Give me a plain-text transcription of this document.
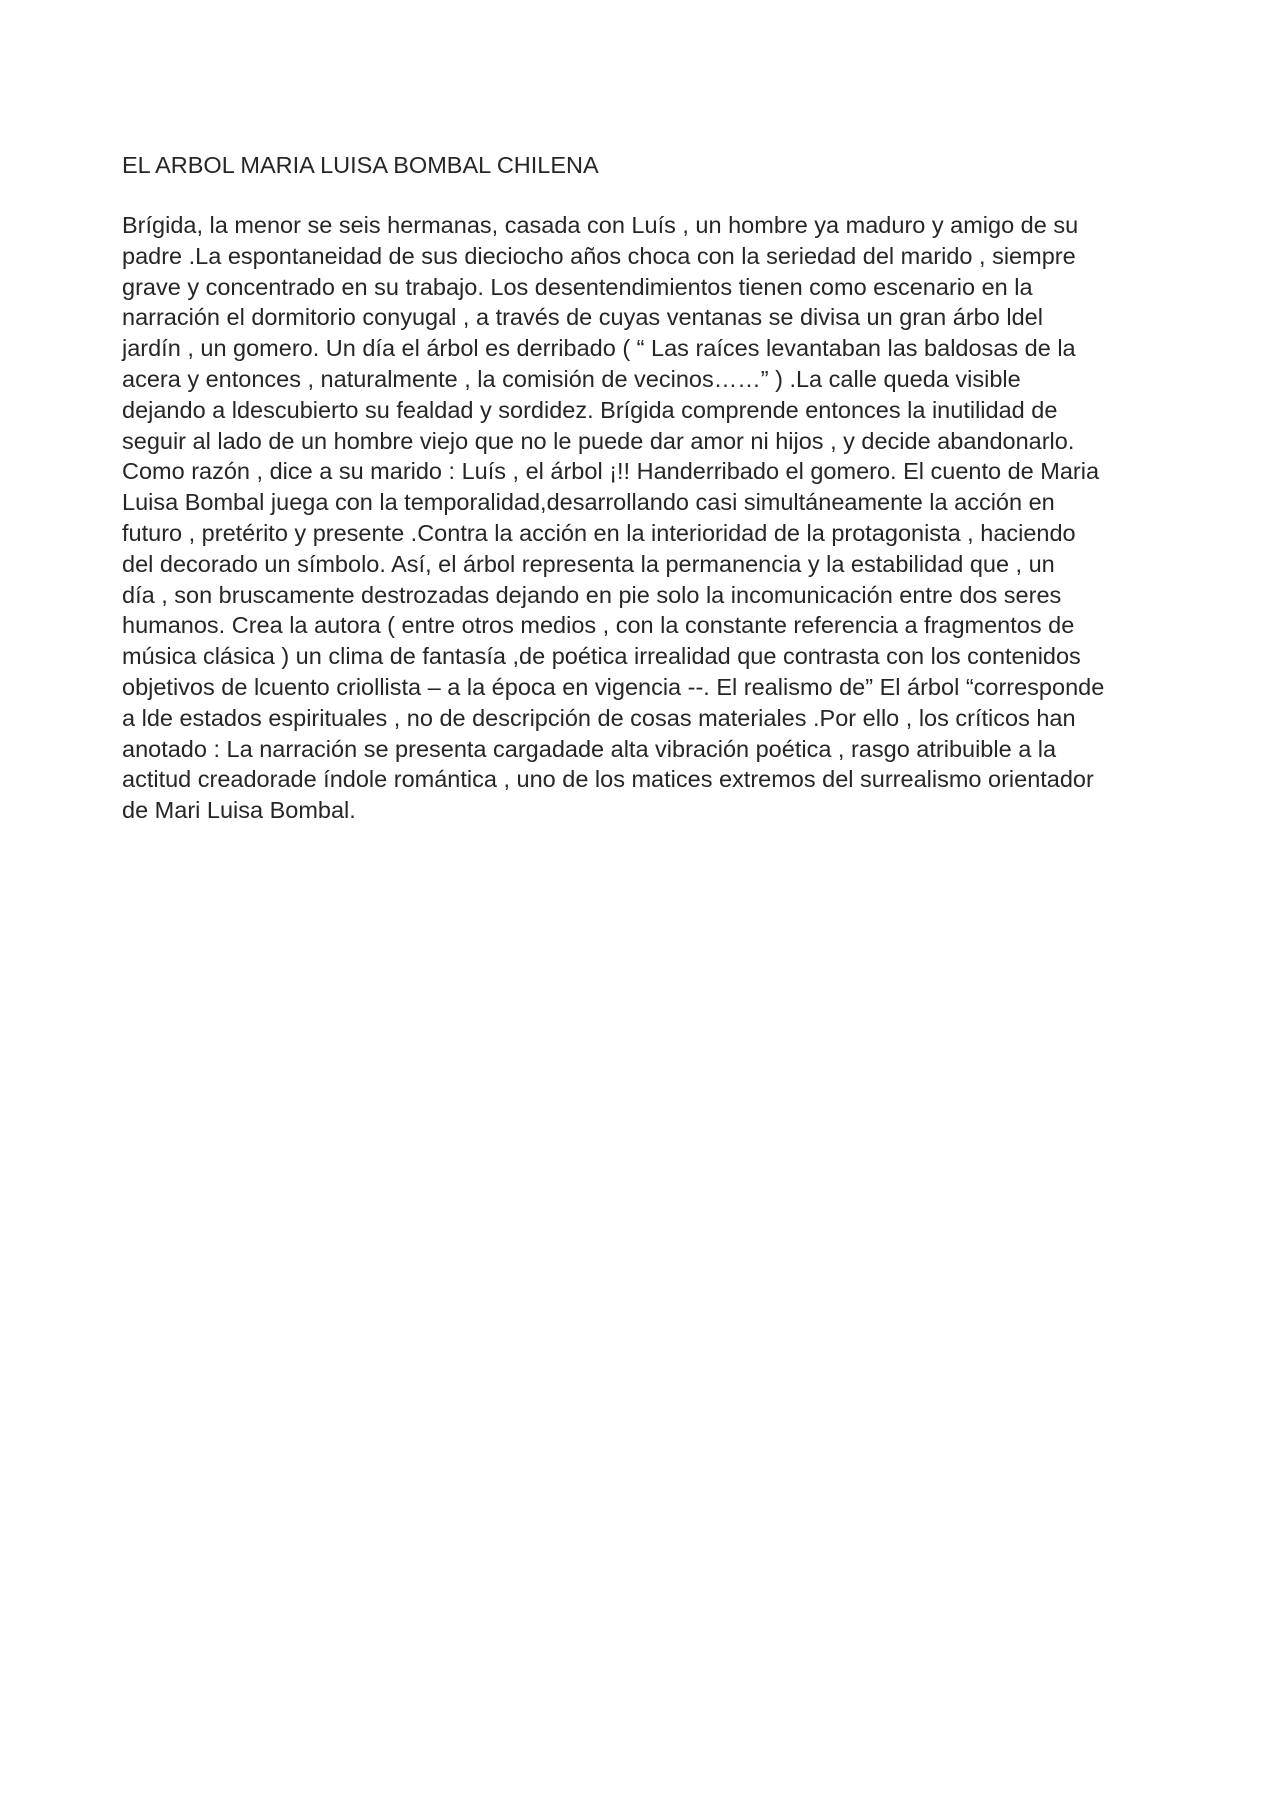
EL ARBOL MARIA LUISA BOMBAL CHILENA
Brígida, la menor se seis hermanas, casada con Luís , un hombre ya maduro y amigo de su
padre .La espontaneidad de sus dieciocho años choca con la seriedad del marido , siempre
grave y concentrado en su trabajo. Los desentendimientos tienen como escenario en la
narración el dormitorio conyugal , a través de cuyas ventanas se divisa un gran árbo ldel
jardín , un gomero. Un día el árbol es derribado ( “ Las raíces levantaban las baldosas de la
acera y entonces , naturalmente , la comisión de vecinos……” ) .La calle queda visible
dejando a ldescubierto su fealdad y sordidez. Brígida comprende entonces la inutilidad de
seguir al lado de un hombre viejo que no le puede dar amor ni hijos , y decide abandonarlo.
Como razón , dice a su marido : Luís , el árbol ¡!! Handerribado el gomero. El cuento de Maria
Luisa Bombal juega con la temporalidad,desarrollando casi simultáneamente la acción en
futuro , pretérito y presente .Contra la acción en la interioridad de la protagonista , haciendo
del decorado un símbolo. Así, el árbol representa la permanencia y la estabilidad que , un
día , son bruscamente destrozadas dejando en pie solo la incomunicación entre dos seres
humanos. Crea la autora ( entre otros medios , con la constante referencia a fragmentos de
música clásica ) un clima de fantasía ,de poética irrealidad que contrasta con los contenidos
objetivos de lcuento criollista – a la época en vigencia --. El realismo de” El árbol “corresponde
a lde estados espirituales , no de descripción de cosas materiales .Por ello , los críticos han
anotado : La narración se presenta cargadade alta vibración poética , rasgo atribuible a la
actitud creadorade índole romántica , uno de los matices extremos del surrealismo orientador
de Mari Luisa Bombal.
